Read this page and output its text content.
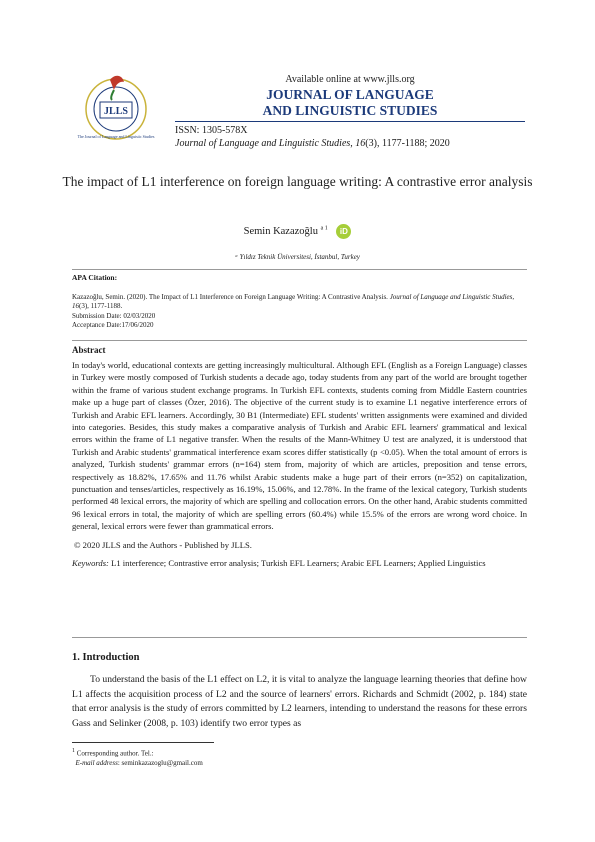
JLLS
The Journal of Language and Linguistic Studies
Available online at www.jlls.org
JOURNAL OF LANGUAGE
AND LINGUISTIC STUDIES
ISSN: 1305-578X
Journal of Language and Linguistic Studies, 16(3), 1177-1188; 2020
The impact of L1 interference on foreign language writing: A contrastive error analysis
Semin Kazazoğlu $^{a 1}$ iD
ᵃ Yıldız Teknik Üniversitesi, İstanbul, Turkey
APA Citation:
Kazazoğlu, Semin. (2020). The Impact of L1 Interference on Foreign Language Writing: A Contrastive Analysis. Journal of Language and Linguistic Studies, 16(3), 1177-1188.
Submission Date: 02/03/2020
Acceptance Date:17/06/2020
Abstract
In today's world, educational contexts are getting increasingly multicultural. Although EFL (English as a Foreign Language) classes in Turkey were mostly composed of Turkish students a decade ago, today students from any part of the world are brought together within the frame of various student exchange programs. In Turkish EFL contexts, students coming from Middle Eastern countries make up a huge part of classes (Özer, 2016). The objective of the current study is to examine L1 negative interference errors of Turkish and Arabic EFL learners. Accordingly, 30 B1 (Intermediate) EFL students' written assignments were examined and divided into categories. Besides, this study makes a comparative analysis of Turkish and Arabic EFL learners' grammatical and lexical errors within the frame of L1 negative transfer. When the results of the Mann-Whitney U test are analyzed, it is understood that Turkish and Arabic students' grammatical interference exam scores differ statistically (p <0.05). When the total amount of errors is analyzed, Turkish students' grammar errors (n=164) stem from, majority of which are articles, preposition and tense errors, respectively as 18.82%, 17.65% and 11.76 whilst Arabic students make a huge part of their errors (n=352) on capitalization, punctuation and tenses/articles, respectively as 16.19%, 15.06%, and 12.78%. In the frame of the lexical category, Turkish students performed 48 lexical errors, the majority of which are spelling and collocation errors. On the other hand, Arabic students committed 96 lexical errors in total, the majority of which are spelling errors (60.4%) while 15.5% of the errors are wrong word choice. In general, lexical errors were fewer than grammatical errors.
© 2020 JLLS and the Authors - Published by JLLS.
Keywords: L1 interference; Contrastive error analysis; Turkish EFL Learners; Arabic EFL Learners; Applied Linguistics
1. Introduction
To understand the basis of the L1 effect on L2, it is vital to analyze the language learning theories that define how L1 affects the acquisition process of L2 and the source of learners' errors. Richards and Schmidt (2002, p. 184) state that error analysis is the study of errors committed by L2 learners, intending to understand the reasons for these errors Gass and Selinker (2008, p. 103) identify two error types as
1 Corresponding author. Tel.:
E-mail address: seminkazazoglu@gmail.com
